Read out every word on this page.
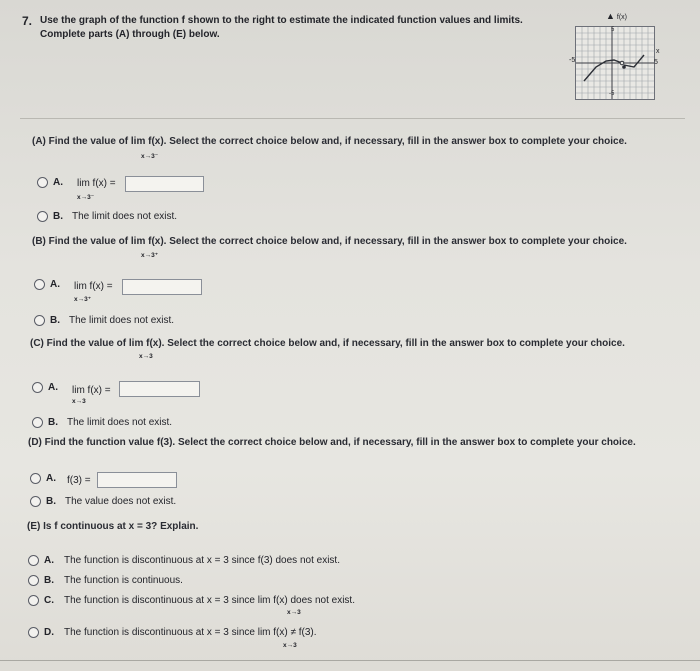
7. Use the graph of the function f shown to the right to estimate the indicated function values and limits.
Complete parts (A) through (E) below.
▲ f(x)
-5	5
5
-5
x
(A) Find the value of lim f(x). Select the correct choice below and, if necessary, fill in the answer box to complete your choice.
x→3⁻
A. lim f(x) =
x→3⁻
B. The limit does not exist.
(B) Find the value of lim f(x). Select the correct choice below and, if necessary, fill in the answer box to complete your choice.
x→3⁺
A. lim f(x) =
x→3⁺
B. The limit does not exist.
(C) Find the value of lim f(x). Select the correct choice below and, if necessary, fill in the answer box to complete your choice.
x→3
A. lim f(x) =
x→3
B. The limit does not exist.
(D) Find the function value f(3). Select the correct choice below and, if necessary, fill in the answer box to complete your choice.
A. f(3) =
B. The value does not exist.
(E) Is f continuous at x = 3? Explain.
A. The function is discontinuous at x = 3 since f(3) does not exist.
B. The function is continuous.
C. The function is discontinuous at x = 3 since lim f(x) does not exist.
x→3
D. The function is discontinuous at x = 3 since lim f(x) ≠ f(3).
x→3
